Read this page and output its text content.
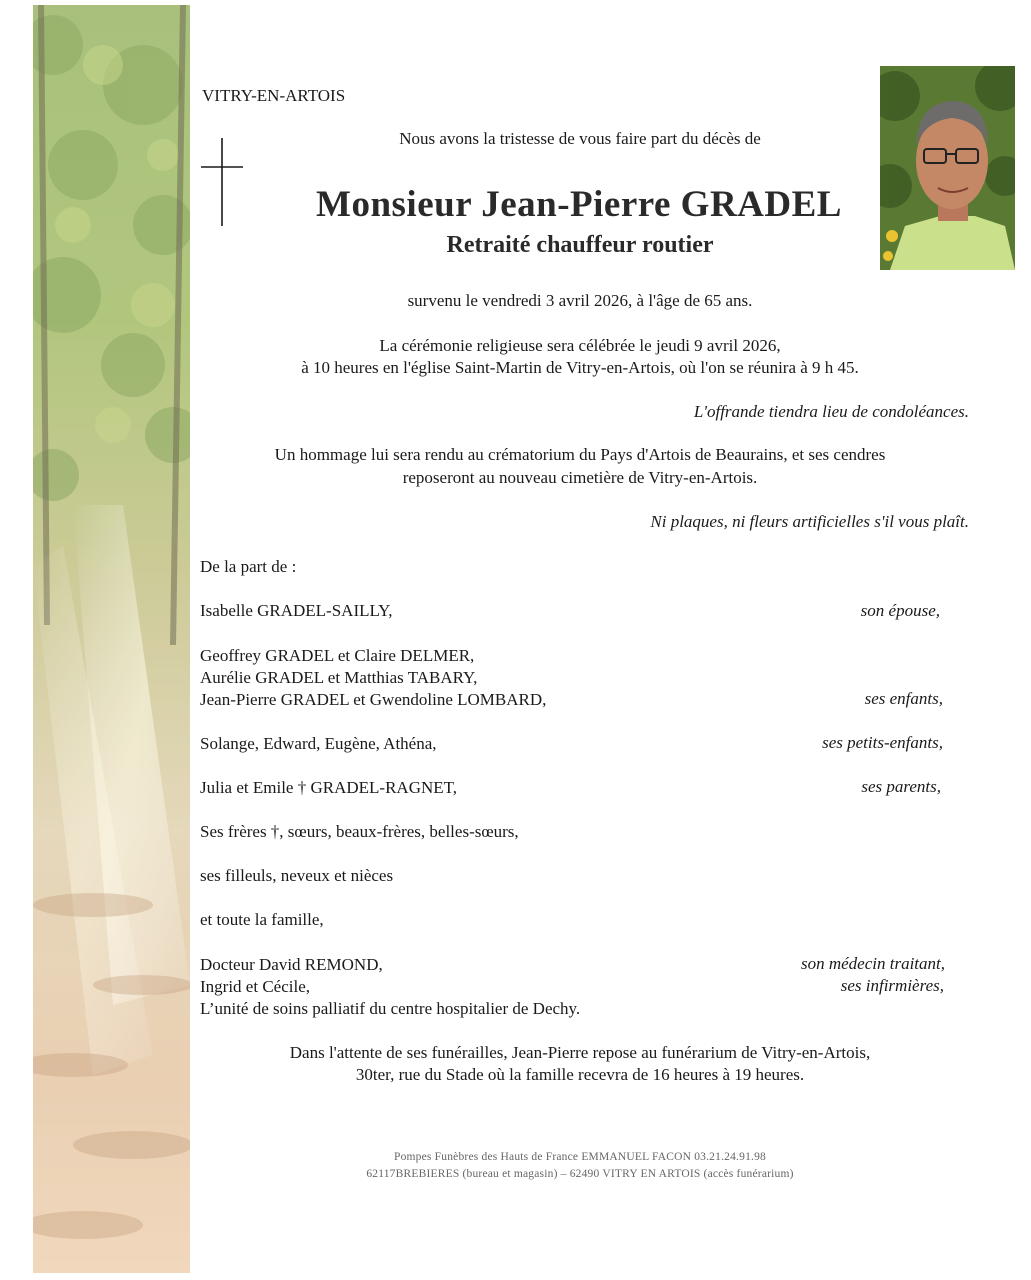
VITRY-EN-ARTOIS
Nous avons la tristesse de vous faire part du décès de
Monsieur Jean-Pierre GRADEL
Retraité chauffeur routier
survenu le vendredi 3 avril 2026, à l'âge de 65 ans.
La cérémonie religieuse sera célébrée le jeudi 9 avril 2026,
à 10 heures en l'église Saint-Martin de Vitry-en-Artois, où l'on se réunira à 9 h 45.
L'offrande tiendra lieu de condoléances.
Un hommage lui sera rendu au crématorium du Pays d'Artois de Beaurains, et ses cendres
reposeront au nouveau cimetière de Vitry-en-Artois.
Ni plaques, ni fleurs artificielles s'il vous plaît.
De la part de :
Isabelle GRADEL-SAILLY,	son épouse,
Geoffrey GRADEL et Claire DELMER,
Aurélie GRADEL et Matthias TABARY,
Jean-Pierre GRADEL et Gwendoline LOMBARD,	ses enfants,
Solange, Edward, Eugène, Athéna,	ses petits-enfants,
Julia et Emile † GRADEL-RAGNET,	ses parents,
Ses frères †, sœurs, beaux-frères, belles-sœurs,
ses filleuls, neveux et nièces
et toute la famille,
Docteur David REMOND,	son médecin traitant,
Ingrid et Cécile,	ses infirmières,
L’unité de soins palliatif du centre hospitalier de Dechy.
Dans l'attente de ses funérailles, Jean-Pierre repose au funérarium de Vitry-en-Artois,
30ter, rue du Stade où la famille recevra de 16 heures à 19 heures.
Pompes Funèbres des Hauts de France EMMANUEL FACON 03.21.24.91.98
62117BREBIERES (bureau et magasin) – 62490 VITRY EN ARTOIS (accès funérarium)
